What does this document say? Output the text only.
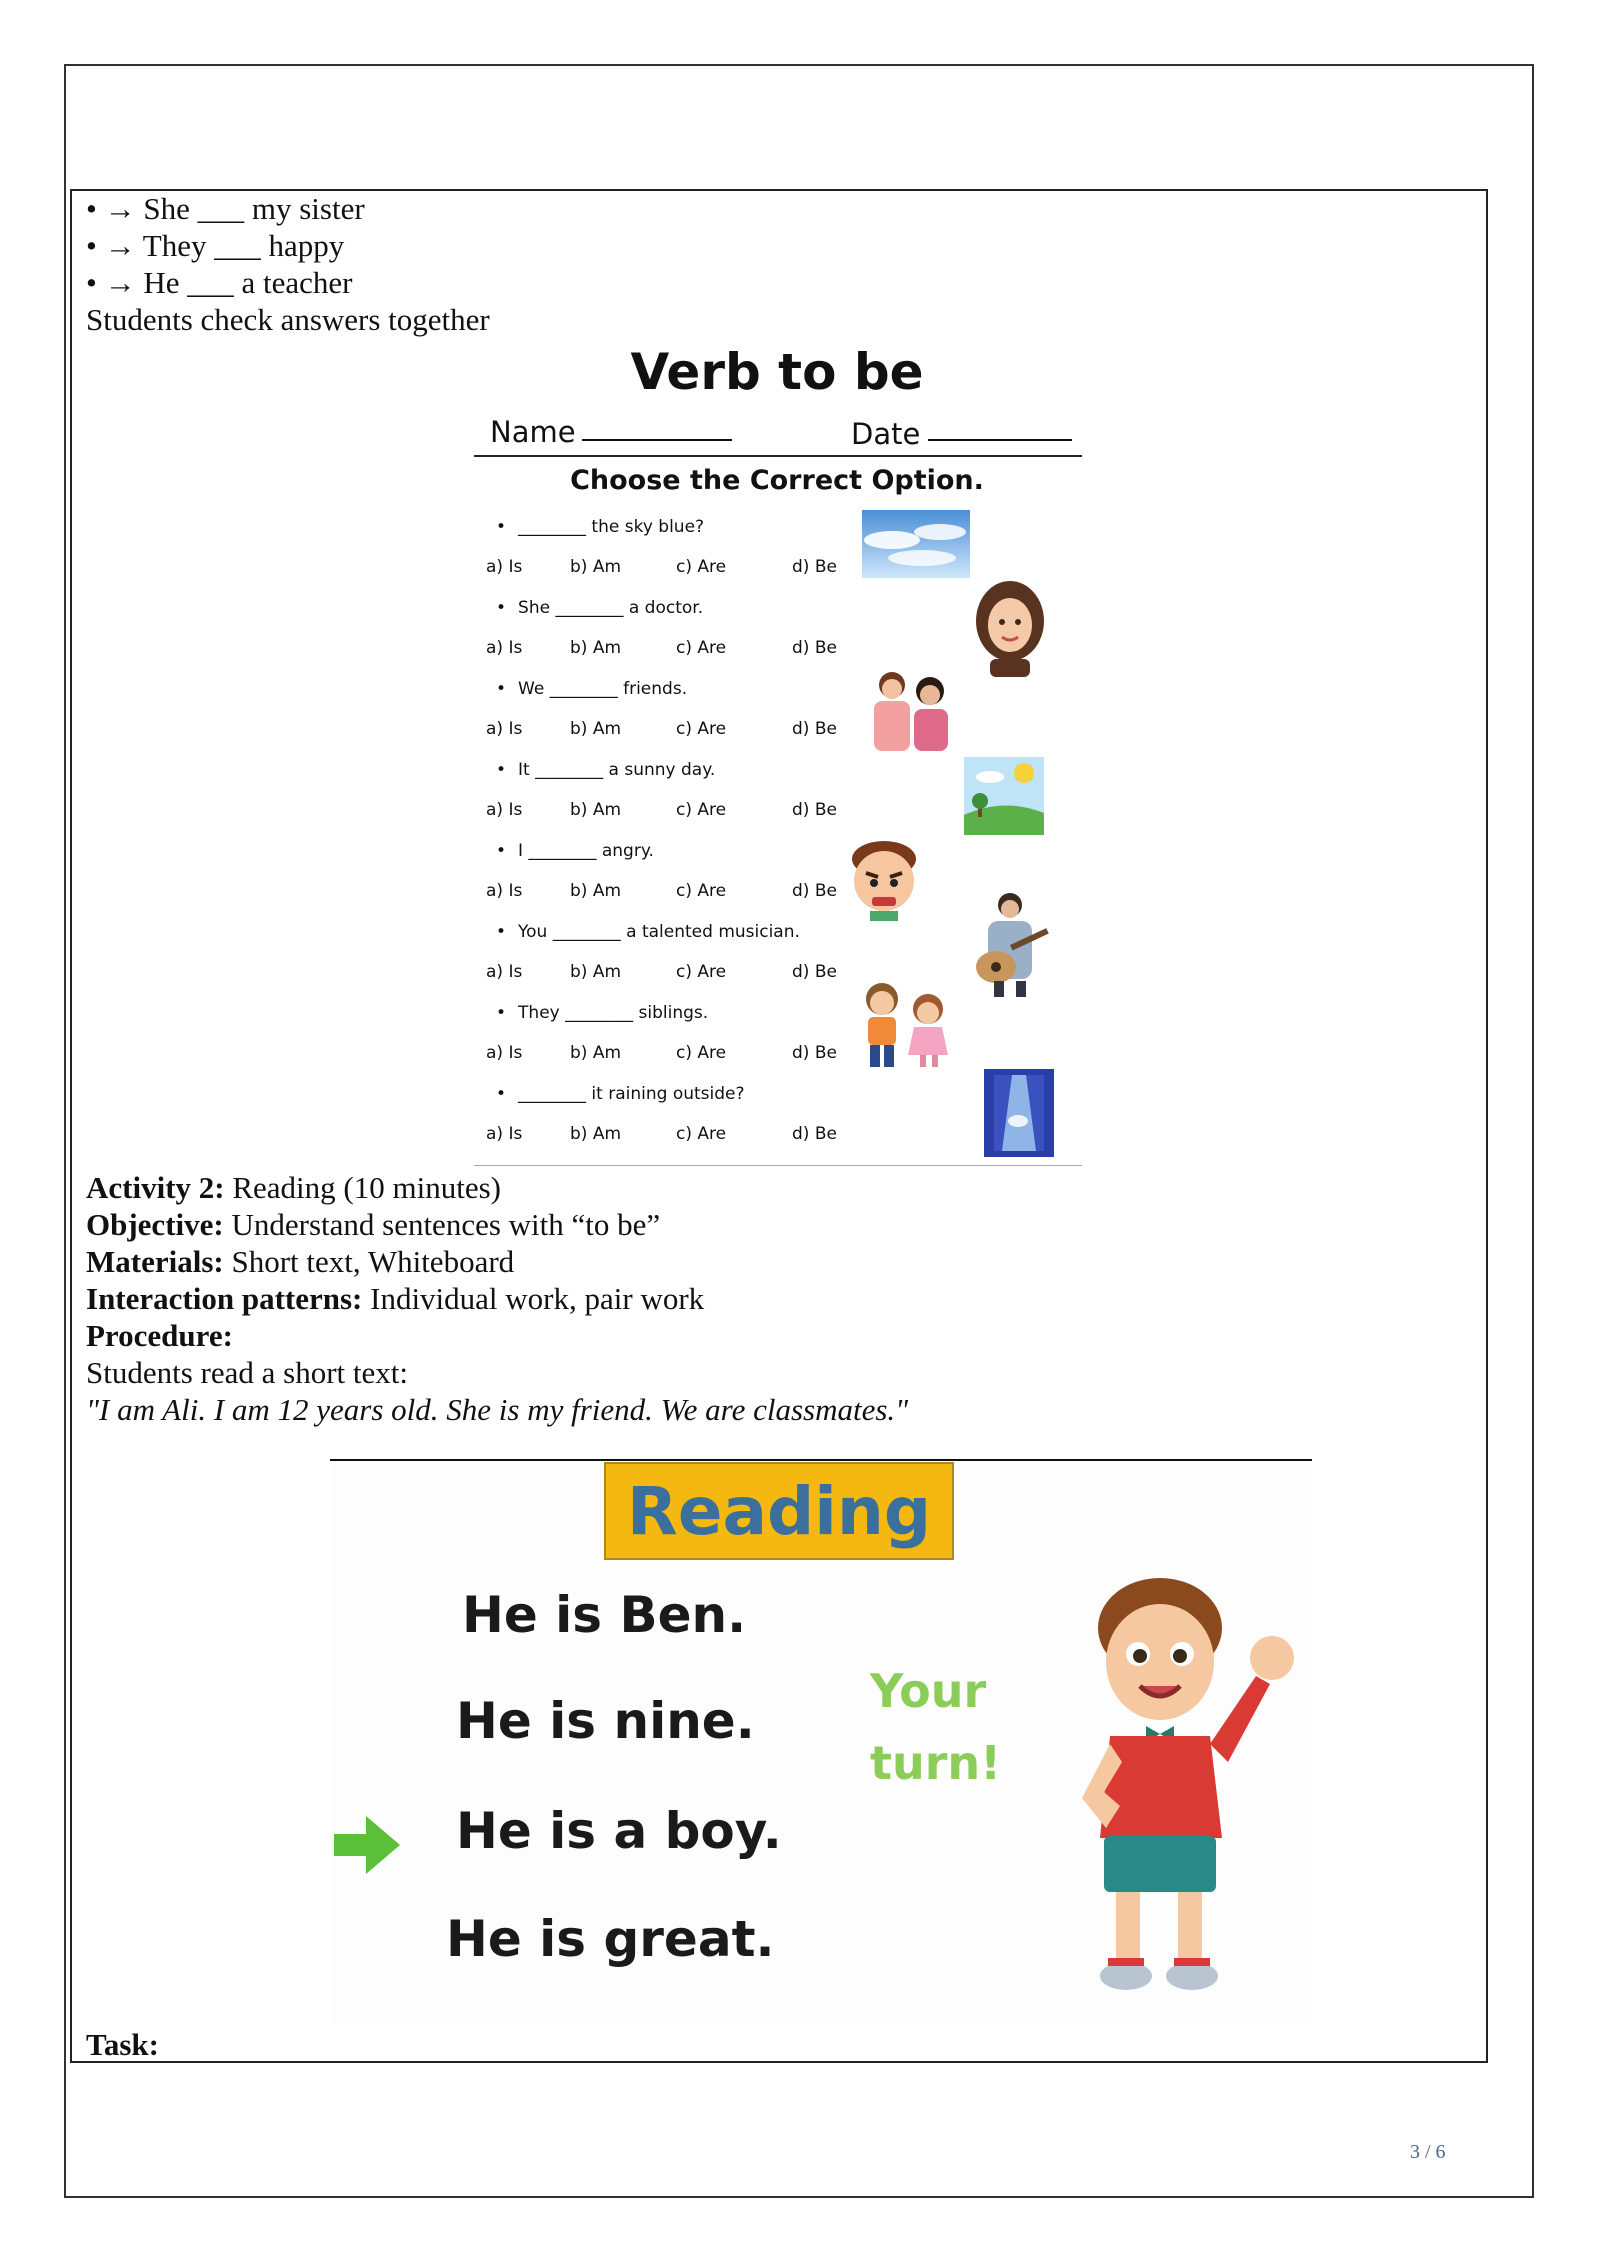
• → She ___ my sister
• → They ___ happy
• → He ___ a teacher
Students check answers together
Verb to be
Name	Date
Choose the Correct Option.
• ________ the sky blue?
a) Is	b) Am	c) Are	d) Be
• She ________ a doctor.
a) Is	b) Am	c) Are	d) Be
• We ________ friends.
a) Is	b) Am	c) Are	d) Be
• It ________ a sunny day.
a) Is	b) Am	c) Are	d) Be
• I ________ angry.
a) Is	b) Am	c) Are	d) Be
• You ________ a talented musician.
a) Is	b) Am	c) Are	d) Be
• They ________ siblings.
a) Is	b) Am	c) Are	d) Be
• ________ it raining outside?
a) Is	b) Am	c) Are	d) Be
Activity 2: Reading (10 minutes)
Objective: Understand sentences with “to be”
Materials: Short text, Whiteboard
Interaction patterns: Individual work, pair work
Procedure:
Students read a short text:
"I am Ali. I am 12 years old. She is my friend. We are classmates."
Reading
He is Ben.
He is nine.
He is a boy.
He is great.
Your
turn!
Task:
3 / 6
